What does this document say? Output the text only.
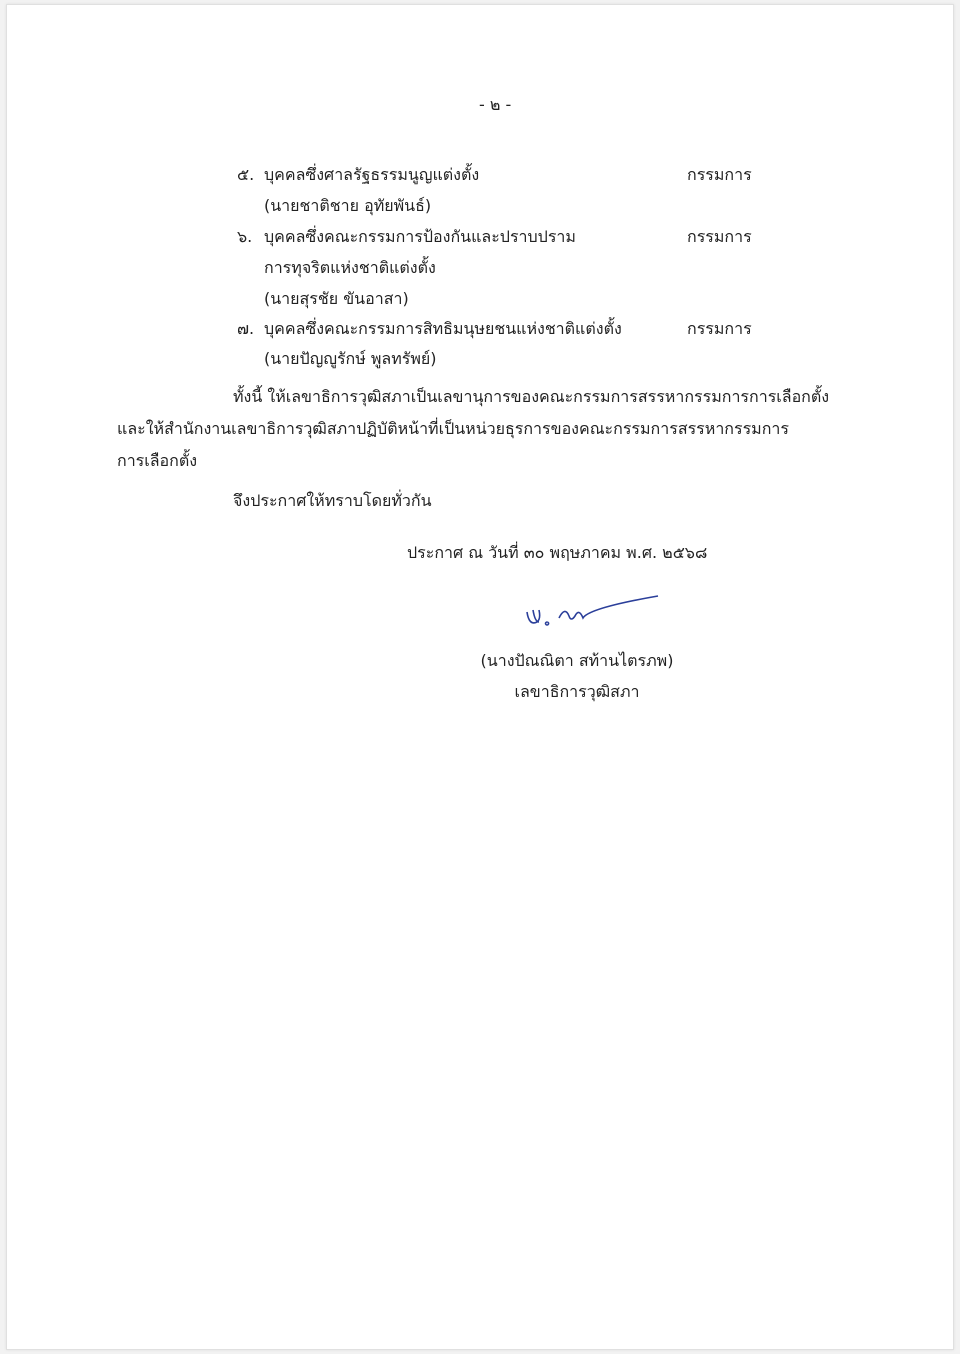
- ๒ -
๕. บุคคลซึ่งศาลรัฐธรรมนูญแต่งตั้ง	กรรมการ
(นายชาติชาย อุทัยพันธ์)
๖. บุคคลซึ่งคณะกรรมการป้องกันและปราบปราม	กรรมการ
การทุจริตแห่งชาติแต่งตั้ง
(นายสุรชัย ขันอาสา)
๗. บุคคลซึ่งคณะกรรมการสิทธิมนุษยชนแห่งชาติแต่งตั้ง	กรรมการ
(นายปัญญูรักษ์ พูลทรัพย์)
ทั้งนี้ ให้เลขาธิการวุฒิสภาเป็นเลขานุการของคณะกรรมการสรรหากรรมการการเลือกตั้ง
และให้สำนักงานเลขาธิการวุฒิสภาปฏิบัติหน้าที่เป็นหน่วยธุรการของคณะกรรมการสรรหากรรมการ
การเลือกตั้ง
จึงประกาศให้ทราบโดยทั่วกัน
ประกาศ ณ วันที่ ๓๐ พฤษภาคม พ.ศ. ๒๕๖๘
(นางปัณณิตา สท้านไตรภพ)
เลขาธิการวุฒิสภา
